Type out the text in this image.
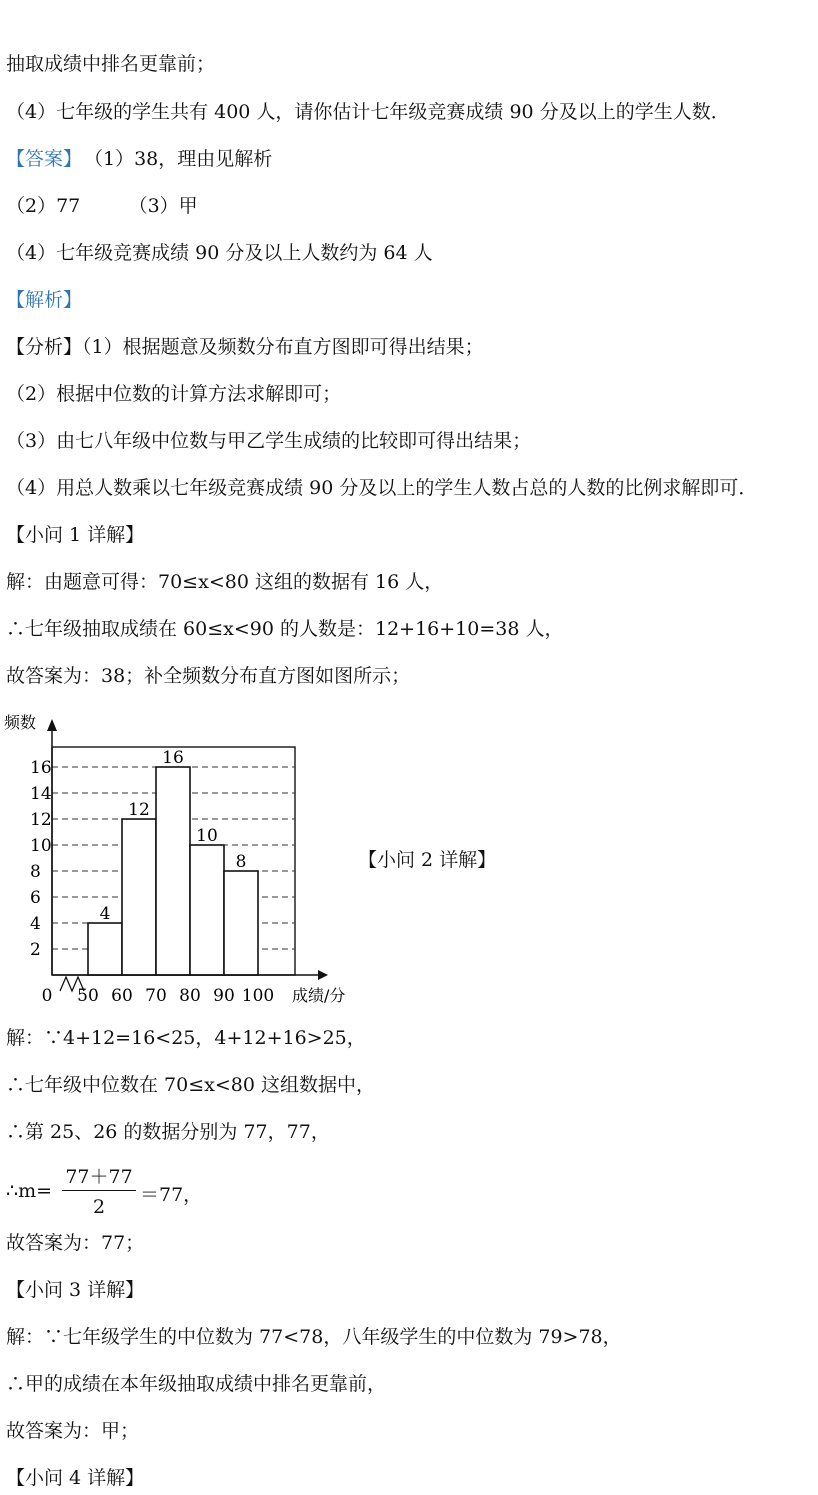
抽取成绩中排名更靠前；
（4）七年级的学生共有 400 人，请你估计七年级竞赛成绩 90 分及以上的学生人数．
【答案】 （1）38，理由见解析
（2）77        （3）甲
（4）七年级竞赛成绩 90 分及以上人数约为 64 人
【解析】
【分析】（1）根据题意及频数分布直方图即可得出结果；
（2）根据中位数的计算方法求解即可；
（3）由七八年级中位数与甲乙学生成绩的比较即可得出结果；
（4）用总人数乘以七年级竞赛成绩 90 分及以上的学生人数占总的人数的比例求解即可．
【小问 1 详解】
解：由题意可得：70≤x<80 这组的数据有 16 人，
∴七年级抽取成绩在 60≤x<90 的人数是：12+16+10=38 人，
故答案为：38；补全频数分布直方图如图所示；
解：∵4+12=16<25，4+12+16>25，
∴七年级中位数在 70≤x<80 这组数据中，
∴第 25、26 的数据分别为 77，77，
故答案为：77；
【小问 3 详解】
解：∵七年级学生的中位数为 77<78，八年级学生的中位数为 79>78，
∴甲的成绩在本年级抽取成绩中排名更靠前，
故答案为：甲；
【小问 4 详解】
∴m=
77＋77
2
＝77，
2
4
6
8
10
12
14
16
4
12
16
10
8
0 50 60 70 80 90 100
频数
成绩/分
【小问 2 详解】
